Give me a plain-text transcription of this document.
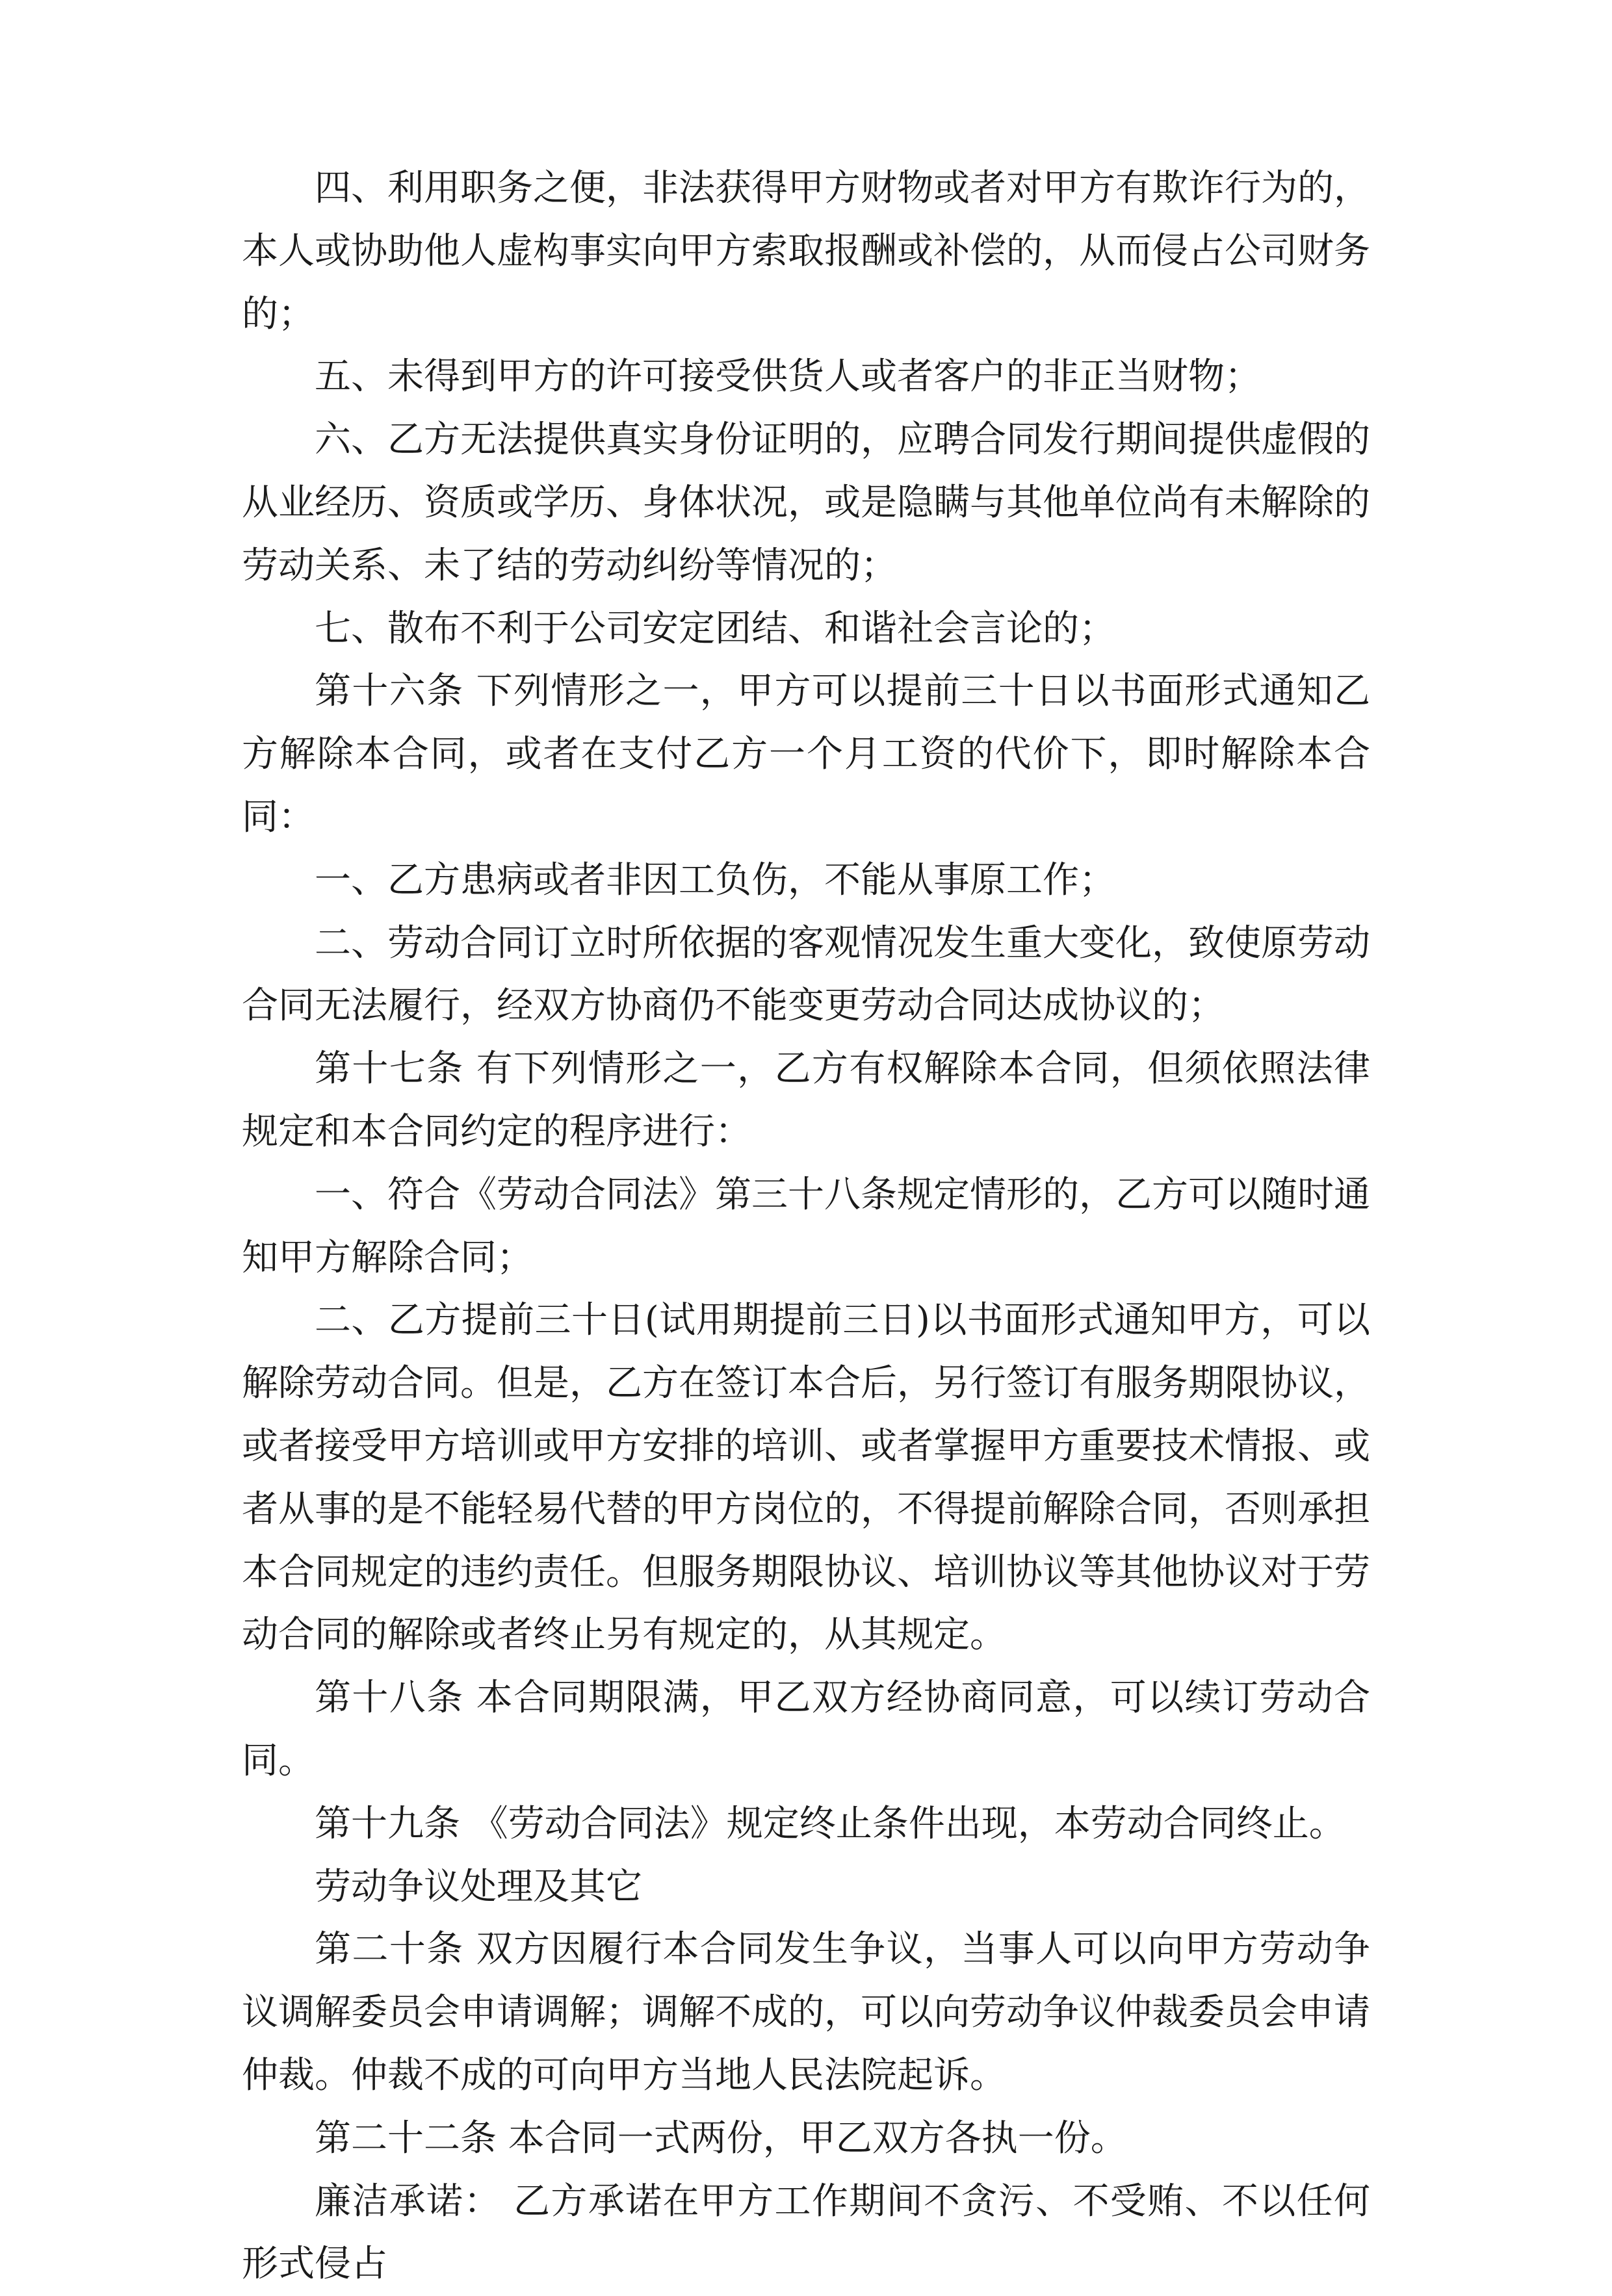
四、利用职务之便，非法获得甲方财物或者对甲方有欺诈行为的，本人或协助他人虚构事实向甲方索取报酬或补偿的，从而侵占公司财务的；

五、未得到甲方的许可接受供货人或者客户的非正当财物；

六、乙方无法提供真实身份证明的，应聘合同发行期间提供虚假的从业经历、资质或学历、身体状况，或是隐瞒与其他单位尚有未解除的劳动关系、未了结的劳动纠纷等情况的；

七、散布不利于公司安定团结、和谐社会言论的；

第十六条 下列情形之一，甲方可以提前三十日以书面形式通知乙方解除本合同，或者在支付乙方一个月工资的代价下，即时解除本合同：

一、乙方患病或者非因工负伤，不能从事原工作；

二、劳动合同订立时所依据的客观情况发生重大变化，致使原劳动合同无法履行，经双方协商仍不能变更劳动合同达成协议的；

第十七条 有下列情形之一，乙方有权解除本合同，但须依照法律规定和本合同约定的程序进行：

一、符合《劳动合同法》第三十八条规定情形的，乙方可以随时通知甲方解除合同；

二、乙方提前三十日(试用期提前三日)以书面形式通知甲方，可以解除劳动合同。但是，乙方在签订本合后，另行签订有服务期限协议，或者接受甲方培训或甲方安排的培训、或者掌握甲方重要技术情报、或者从事的是不能轻易代替的甲方岗位的，不得提前解除合同，否则承担本合同规定的违约责任。但服务期限协议、培训协议等其他协议对于劳动合同的解除或者终止另有规定的，从其规定。

第十八条 本合同期限满，甲乙双方经协商同意，可以续订劳动合同。

第十九条 《劳动合同法》规定终止条件出现，本劳动合同终止。

劳动争议处理及其它

第二十条 双方因履行本合同发生争议，当事人可以向甲方劳动争议调解委员会申请调解；调解不成的，可以向劳动争议仲裁委员会申请仲裁。仲裁不成的可向甲方当地人民法院起诉。

第二十二条 本合同一式两份，甲乙双方各执一份。

廉洁承诺： 乙方承诺在甲方工作期间不贪污、不受贿、不以任何形式侵占
